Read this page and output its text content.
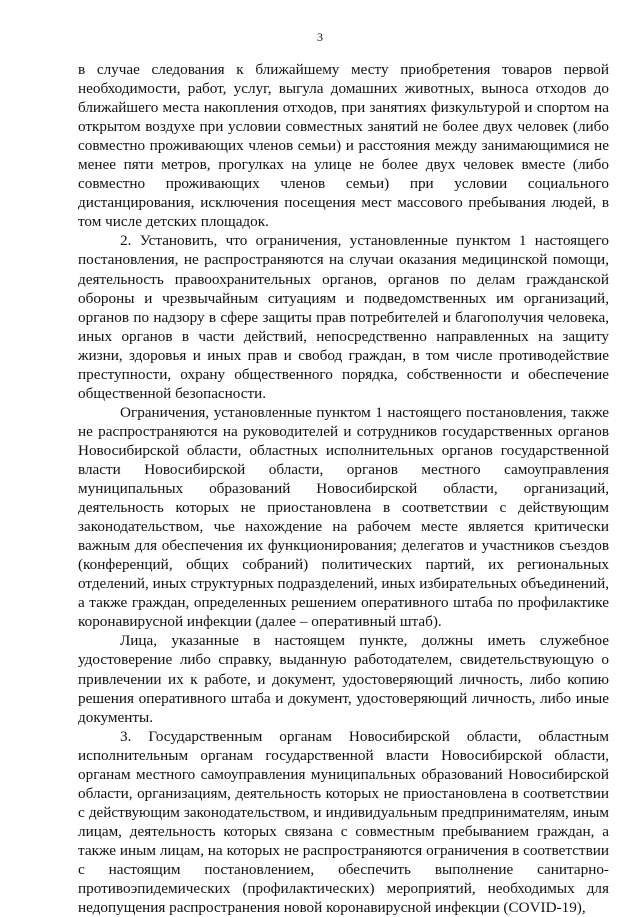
3

в случае следования к ближайшему месту приобретения товаров первой необходимости, работ, услуг, выгула домашних животных, выноса отходов до ближайшего места накопления отходов, при занятиях физкультурой и спортом на открытом воздухе при условии совместных занятий не более двух человек (либо совместно проживающих членов семьи) и расстояния между занимающимися не менее пяти метров, прогулках на улице не более двух человек вместе (либо совместно проживающих членов семьи) при условии социального дистанцирования, исключения посещения мест массового пребывания людей, в том числе детских площадок.

2. Установить, что ограничения, установленные пунктом 1 настоящего постановления, не распространяются на случаи оказания медицинской помощи, деятельность правоохранительных органов, органов по делам гражданской обороны и чрезвычайным ситуациям и подведомственных им организаций, органов по надзору в сфере защиты прав потребителей и благополучия человека, иных органов в части действий, непосредственно направленных на защиту жизни, здоровья и иных прав и свобод граждан, в том числе противодействие преступности, охрану общественного порядка, собственности и обеспечение общественной безопасности.

Ограничения, установленные пунктом 1 настоящего постановления, также не распространяются на руководителей и сотрудников государственных органов Новосибирской области, областных исполнительных органов государственной власти Новосибирской области, органов местного самоуправления муниципальных образований Новосибирской области, организаций, деятельность которых не приостановлена в соответствии с действующим законодательством, чье нахождение на рабочем месте является критически важным для обеспечения их функционирования; делегатов и участников съездов (конференций, общих собраний) политических партий, их региональных отделений, иных структурных подразделений, иных избирательных объединений, а также граждан, определенных решением оперативного штаба по профилактике коронавирусной инфекции (далее – оперативный штаб).

Лица, указанные в настоящем пункте, должны иметь служебное удостоверение либо справку, выданную работодателем, свидетельствующую о привлечении их к работе, и документ, удостоверяющий личность, либо копию решения оперативного штаба и документ, удостоверяющий личность, либо иные документы.

3. Государственным органам Новосибирской области, областным исполнительным органам государственной власти Новосибирской области, органам местного самоуправления муниципальных образований Новосибирской области, организациям, деятельность которых не приостановлена в соответствии с действующим законодательством, и индивидуальным предпринимателям, иным лицам, деятельность которых связана с совместным пребыванием граждан, а также иным лицам, на которых не распространяются ограничения в соответствии с настоящим постановлением, обеспечить выполнение санитарно-противоэпидемических (профилактических) мероприятий, необходимых для недопущения распространения новой коронавирусной инфекции (COVID-19),
